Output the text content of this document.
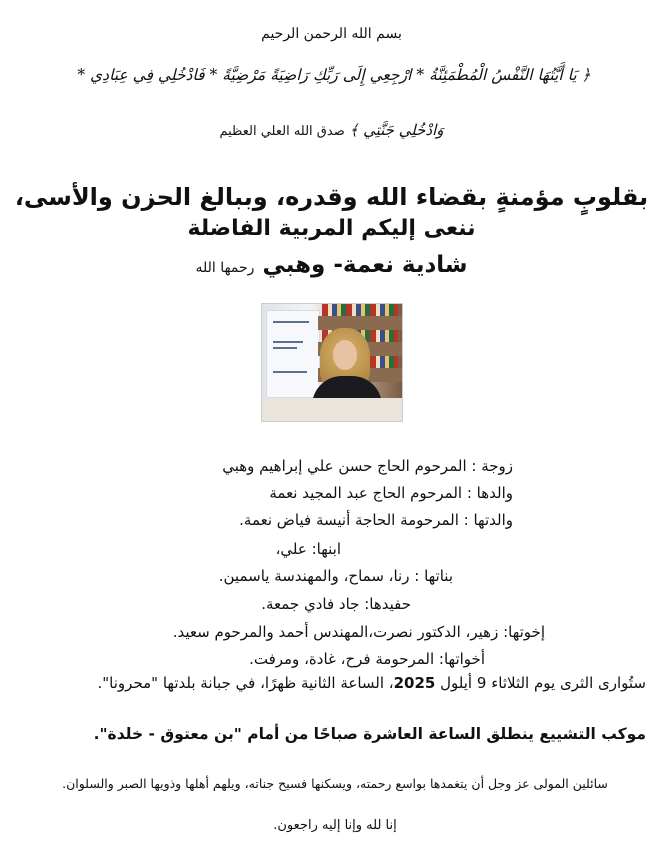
بسم الله الرحمن الرحيم
﴿ يَا أَيَّتُهَا النَّفْسُ الْمُطْمَئِنَّةُ * ارْجِعِي إِلَى رَبِّكِ رَاضِيَةً مَرْضِيَّةً * فَادْخُلِي فِي عِبَادِي *
وَادْخُلِي جَنَّتِي ﴾ صدق الله العلي العظيم
بقلوبٍ مؤمنةٍ بقضاء الله وقدره، وببالغ الحزن والأسى،
ننعى إليكم المربية الفاضلة
شادية نعمة- وهبي رحمها الله
زوجة : المرحوم الحاج حسن علي إبراهيم وهبي
والدها : المرحوم الحاج عبد المجيد نعمة
والدتها : المرحومة الحاجة أنيسة فياض نعمة.
ابنها: علي،
بناتها : رنا، سماح، والمهندسة ياسمين.
حفيدها: جاد فادي جمعة.
إخوتها: زهير، الدكتور نصرت،المهندس أحمد والمرحوم سعيد.
أخواتها: المرحومة فرح، غادة، ومرفت.
ستُوارى الثرى يوم الثلاثاء 9 أيلول 2025، الساعة الثانية ظهرًا، في جبانة بلدتها "محرونا".
موكب التشييع ينطلق الساعة العاشرة صباحًا من أمام "بن معتوق - خلدة".
سائلين المولى عز وجل أن يتغمدها بواسع رحمته، ويسكنها فسيح جناته، ويلهم أهلها وذويها الصبر والسلوان.
إنا لله وإنا إليه راجعون.
